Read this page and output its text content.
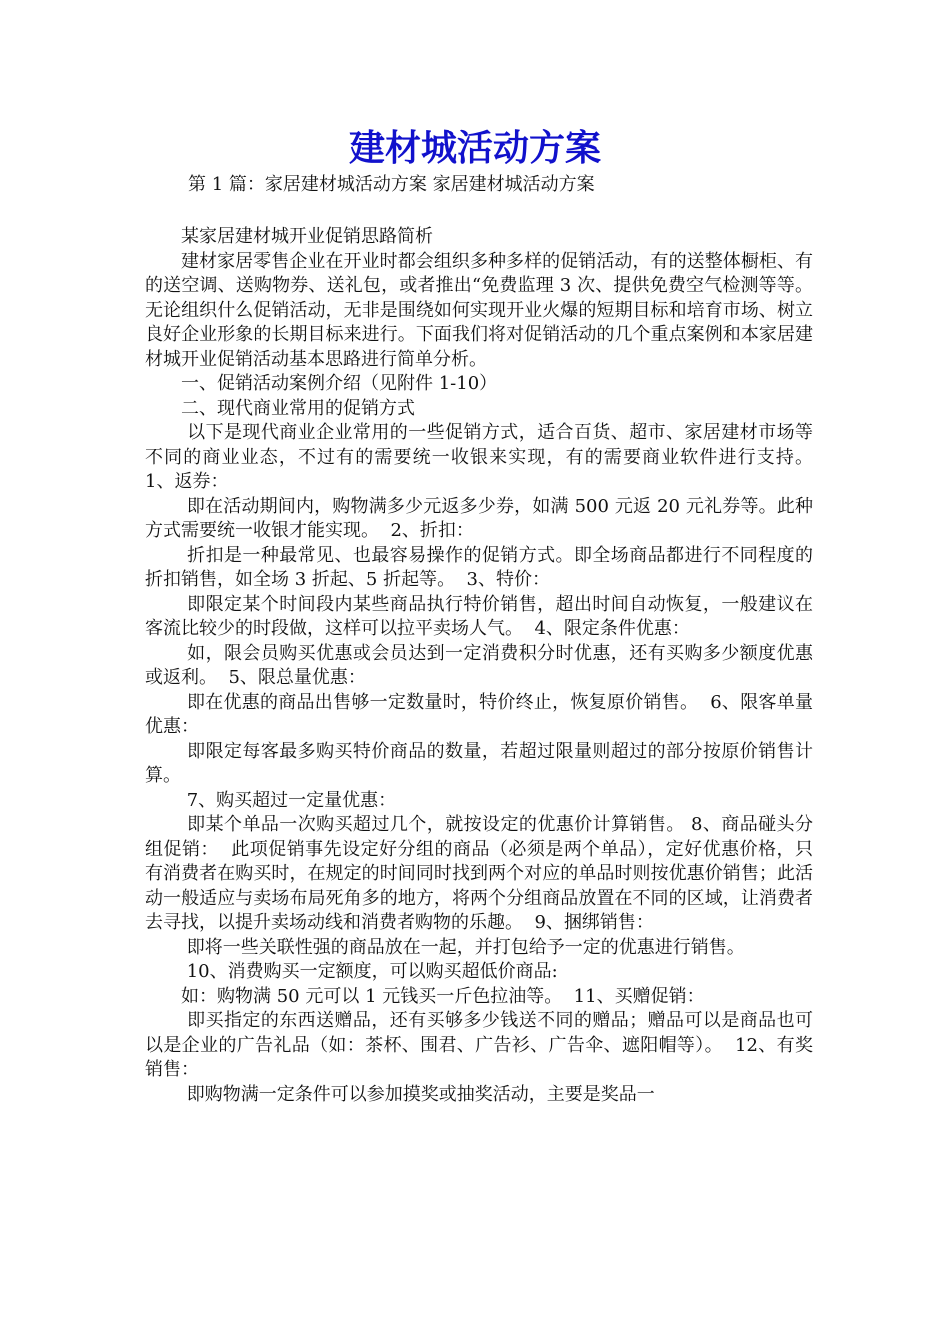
建材城活动方案
第 1 篇：家居建材城活动方案 家居建材城活动方案

某家居建材城开业促销思路简析

建材家居零售企业在开业时都会组织多种多样的促销活动，有的送整体橱柜、有的送空调、送购物券、送礼包，或者推出“免费监理 3 次、提供免费空气检测等等。无论组织什么促销活动，无非是围绕如何实现开业火爆的短期目标和培育市场、树立良好企业形象的长期目标来进行。下面我们将对促销活动的几个重点案例和本家居建材城开业促销活动基本思路进行简单分析。

一、促销活动案例介绍（见附件 1-10）

二、现代商业常用的促销方式

以下是现代商业企业常用的一些促销方式，适合百货、超市、家居建材市场等不同的商业业态，不过有的需要统一收银来实现，有的需要商业软件进行支持。  1、返券：

即在活动期间内，购物满多少元返多少券，如满 500 元返 20 元礼券等。此种方式需要统一收银才能实现。  2、折扣：

折扣是一种最常见、也最容易操作的促销方式。即全场商品都进行不同程度的折扣销售，如全场 3 折起、5 折起等。  3、特价：

即限定某个时间段内某些商品执行特价销售，超出时间自动恢复，一般建议在客流比较少的时段做，这样可以拉平卖场人气。  4、限定条件优惠：

如，限会员购买优惠或会员达到一定消费积分时优惠，还有买购多少额度优惠或返利。  5、限总量优惠：

即在优惠的商品出售够一定数量时，特价终止，恢复原价销售。  6、限客单量优惠：

即限定每客最多购买特价商品的数量，若超过限量则超过的部分按原价销售计算。

7、购买超过一定量优惠：

即某个单品一次购买超过几个，就按设定的优惠价计算销售。 8、商品碰头分组促销：  此项促销事先设定好分组的商品（必须是两个单品），定好优惠价格，只有消费者在购买时，在规定的时间同时找到两个对应的单品时则按优惠价销售；此活动一般适应与卖场布局死角多的地方，将两个分组商品放置在不同的区域，让消费者去寻找，以提升卖场动线和消费者购物的乐趣。  9、捆绑销售：

即将一些关联性强的商品放在一起，并打包给予一定的优惠进行销售。

10、消费购买一定额度，可以购买超低价商品:

如：购物满 50 元可以 1 元钱买一斤色拉油等。  11、买赠促销：

即买指定的东西送赠品，还有买够多少钱送不同的赠品；赠品可以是商品也可以是企业的广告礼品（如：茶杯、围君、广告衫、广告伞、遮阳帽等）。  12、有奖销售：

即购物满一定条件可以参加摸奖或抽奖活动，主要是奖品一
